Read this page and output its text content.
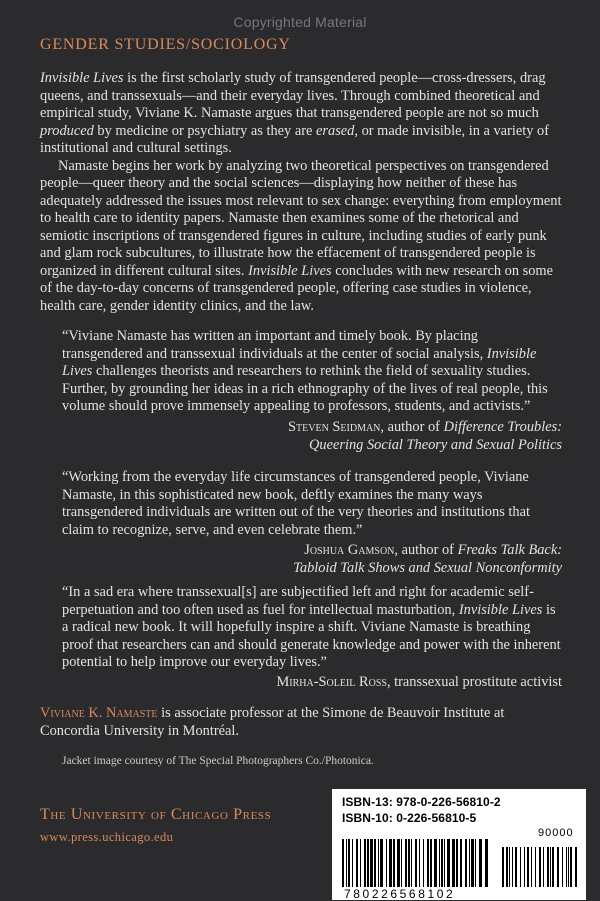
Copyrighted Material
GENDER STUDIES/SOCIOLOGY

Invisible Lives is the first scholarly study of transgendered people—cross-dressers, drag queens, and transsexuals—and their everyday lives. Through combined theoretical and empirical study, Viviane K. Namaste argues that transgendered people are not so much produced by medicine or psychiatry as they are erased, or made invisible, in a variety of institutional and cultural settings.

Namaste begins her work by analyzing two theoretical perspectives on transgendered people—queer theory and the social sciences—displaying how neither of these has adequately addressed the issues most relevant to sex change: everything from employment to health care to identity papers. Namaste then examines some of the rhetorical and semiotic inscriptions of transgendered figures in culture, including studies of early punk and glam rock subcultures, to illustrate how the effacement of transgendered people is organized in different cultural sites. Invisible Lives concludes with new research on some of the day-to-day concerns of transgendered people, offering case studies in violence, health care, gender identity clinics, and the law.

“Viviane Namaste has written an important and timely book. By placing transgendered and transsexual individuals at the center of social analysis, Invisible Lives challenges theorists and researchers to rethink the field of sexuality studies. Further, by grounding her ideas in a rich ethnography of the lives of real people, this volume should prove immensely appealing to professors, students, and activists.”

Steven Seidman, author of Difference Troubles:
Queering Social Theory and Sexual Politics

“Working from the everyday life circumstances of transgendered people, Viviane Namaste, in this sophisticated new book, deftly examines the many ways transgendered individuals are written out of the very theories and institutions that claim to recognize, serve, and even celebrate them.”

Joshua Gamson, author of Freaks Talk Back:
Tabloid Talk Shows and Sexual Nonconformity

“In a sad era where transsexual[s] are subjectified left and right for academic self-perpetuation and too often used as fuel for intellectual masturbation, Invisible Lives is a radical new book. It will hopefully inspire a shift. Viviane Namaste is breathing proof that researchers can and should generate knowledge and power with the inherent potential to help improve our everyday lives.”

Mirha-Soleil Ross, transsexual prostitute activist

Viviane K. Namaste is associate professor at the Simone de Beauvoir Institute at Concordia University in Montréal.

Jacket image courtesy of The Special Photographers Co./Photonica.
The University of Chicago Press
www.press.uchicago.edu
ISBN-13: 978-0-226-56810-2
ISBN-10: 0-226-56810-5
90000
780226568102
